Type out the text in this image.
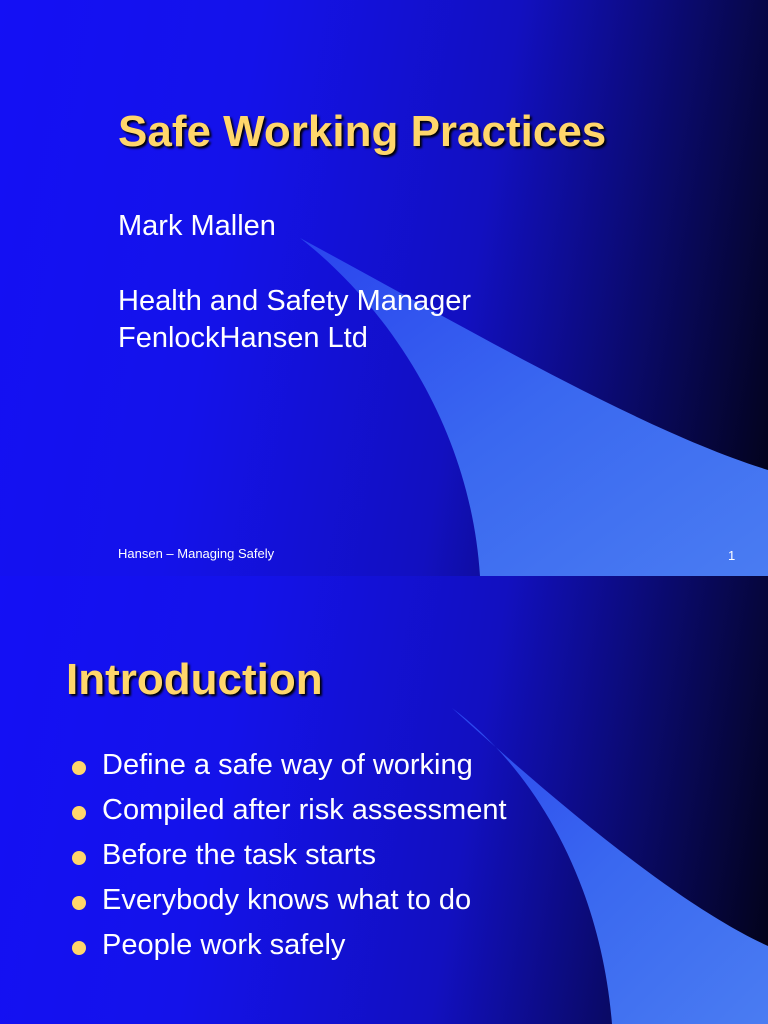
Safe Working Practices
Mark Mallen
Health and Safety Manager
FenlockHansen Ltd
Hansen – Managing Safely	1
Introduction
Define a safe way of working
Compiled after risk assessment
Before the task starts
Everybody knows what to do
People work safely
